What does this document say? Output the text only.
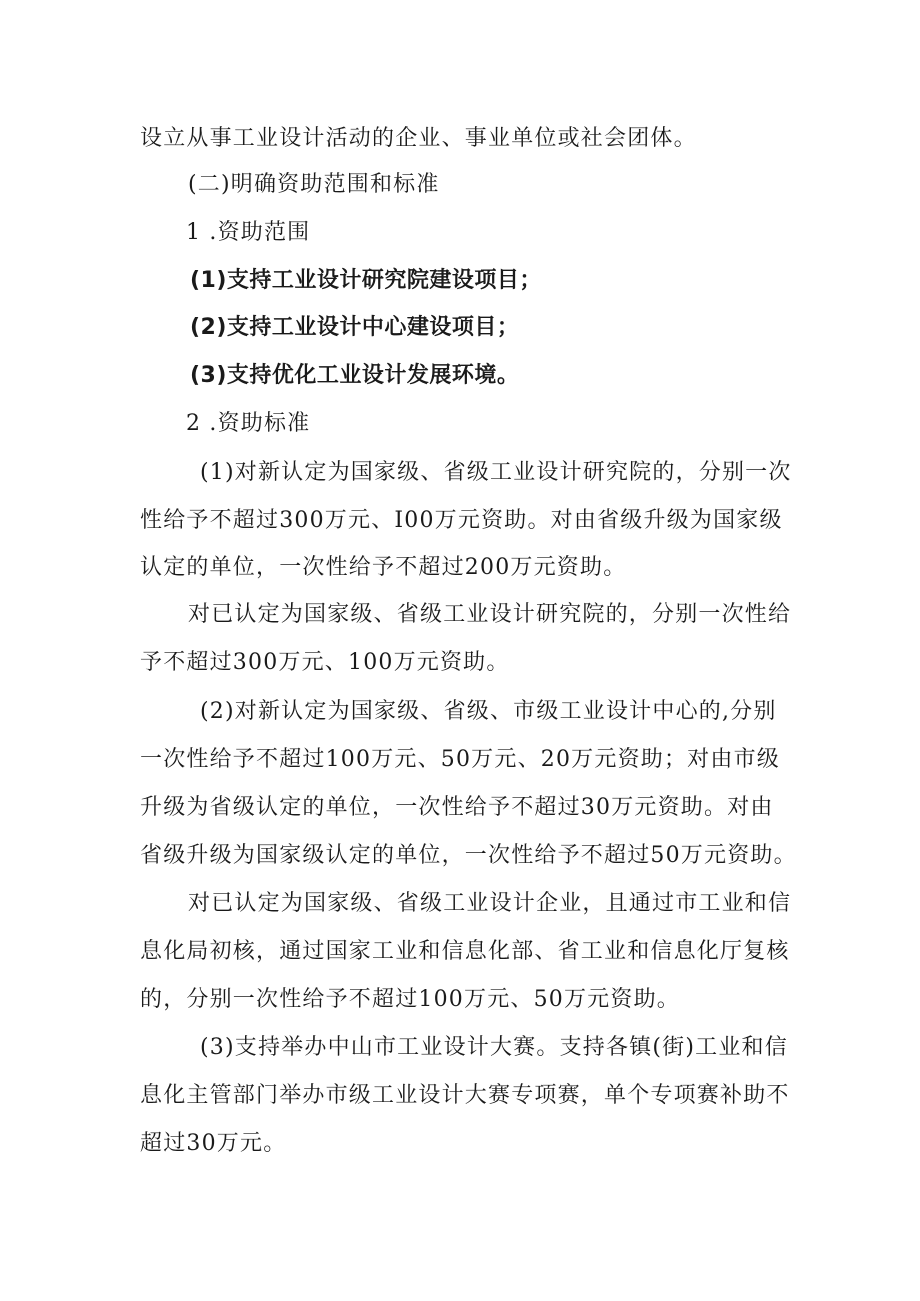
设立从事工业设计活动的企业、事业单位或社会团体。
(二)明确资助范围和标准
1 .资助范围
(1)支持工业设计研究院建设项目；
(2)支持工业设计中心建设项目；
(3)支持优化工业设计发展环境。
2 .资助标准
(1)对新认定为国家级、省级工业设计研究院的，分别一次
性给予不超过300万元、I00万元资助。对由省级升级为国家级
认定的单位，一次性给予不超过200万元资助。
对已认定为国家级、省级工业设计研究院的，分别一次性给
予不超过300万元、100万元资助。
(2)对新认定为国家级、省级、市级工业设计中心的,分别
一次性给予不超过100万元、50万元、20万元资助；对由市级
升级为省级认定的单位，一次性给予不超过30万元资助。对由
省级升级为国家级认定的单位，一次性给予不超过50万元资助。
对已认定为国家级、省级工业设计企业，且通过市工业和信
息化局初核，通过国家工业和信息化部、省工业和信息化厅复核
的，分别一次性给予不超过100万元、50万元资助。
(3)支持举办中山市工业设计大赛。支持各镇(街)工业和信
息化主管部门举办市级工业设计大赛专项赛，单个专项赛补助不
超过30万元。
